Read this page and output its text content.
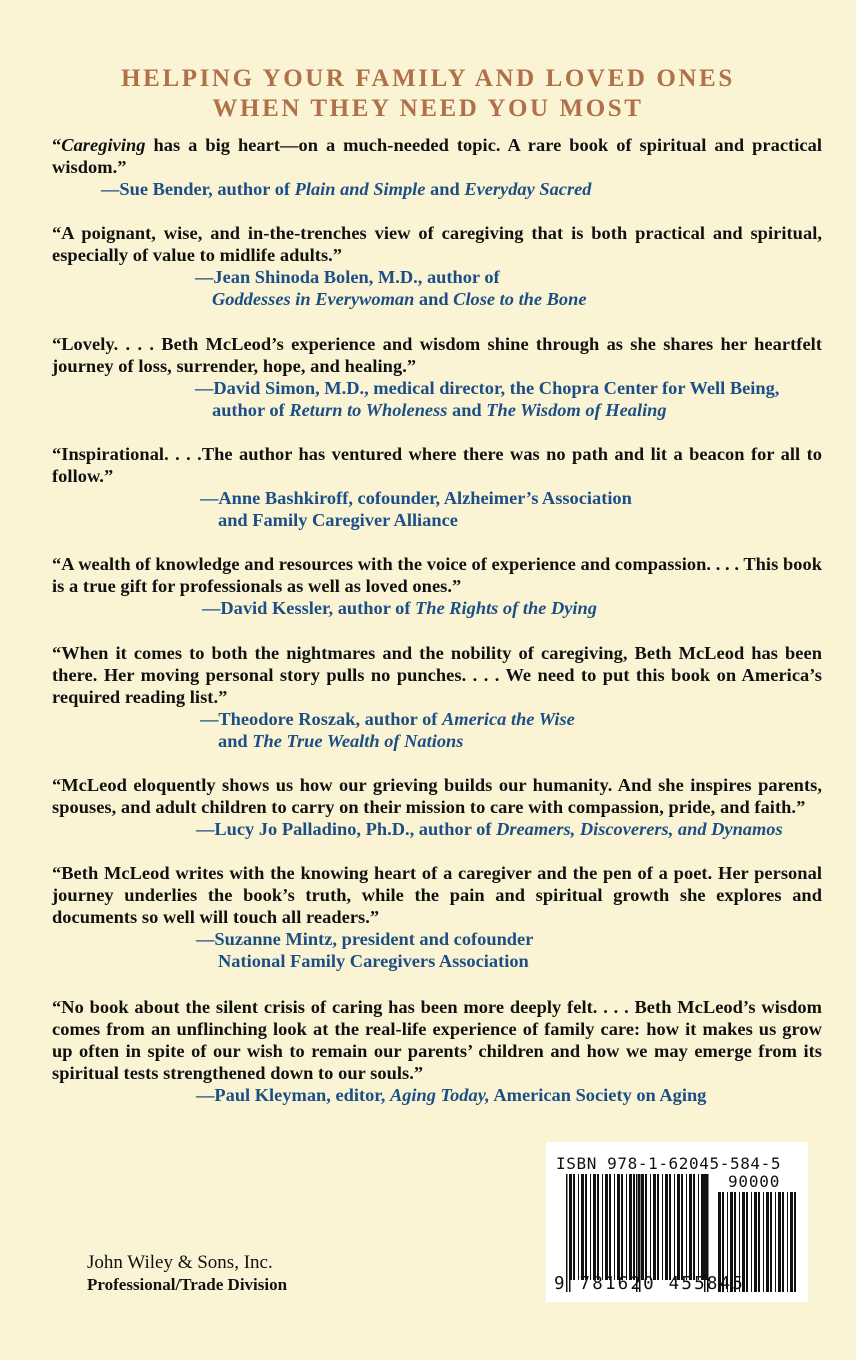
HELPING YOUR FAMILY AND LOVED ONES
WHEN THEY NEED YOU MOST
“Caregiving has a big heart—on a much-needed topic. A rare book of spiritual and practical wisdom.”
—Sue Bender, author of Plain and Simple and Everyday Sacred
“A poignant, wise, and in-the-trenches view of caregiving that is both practical and spiritual, especially of value to midlife adults.”
—Jean Shinoda Bolen, M.D., author of
Goddesses in Everywoman and Close to the Bone
“Lovely. . . . Beth McLeod’s experience and wisdom shine through as she shares her heartfelt journey of loss, surrender, hope, and healing.”
—David Simon, M.D., medical director, the Chopra Center for Well Being,
author of Return to Wholeness and The Wisdom of Healing
“Inspirational. . . .The author has ventured where there was no path and lit a beacon for all to follow.”
—Anne Bashkiroff, cofounder, Alzheimer’s Association
and Family Caregiver Alliance
“A wealth of knowledge and resources with the voice of experience and compassion. . . . This book is a true gift for professionals as well as loved ones.”
—David Kessler, author of The Rights of the Dying
“When it comes to both the nightmares and the nobility of caregiving, Beth McLeod has been there. Her moving personal story pulls no punches. . . . We need to put this book on America’s required reading list.”
—Theodore Roszak, author of America the Wise
and The True Wealth of Nations
“McLeod eloquently shows us how our grieving builds our humanity. And she inspires parents, spouses, and adult children to carry on their mission to care with compassion, pride, and faith.”
—Lucy Jo Palladino, Ph.D., author of Dreamers, Discoverers, and Dynamos
“Beth McLeod writes with the knowing heart of a caregiver and the pen of a poet. Her personal journey underlies the book’s truth, while the pain and spiritual growth she explores and documents so well will touch all readers.”
—Suzanne Mintz, president and cofounder
National Family Caregivers Association
“No book about the silent crisis of caring has been more deeply felt. . . . Beth McLeod’s wisdom comes from an unflinching look at the real-life experience of family care: how it makes us grow up often in spite of our wish to remain our parents’ children and how we may emerge from its spiritual tests strengthened down to our souls.”
—Paul Kleyman, editor, Aging Today, American Society on Aging
John Wiley & Sons, Inc.
Professional/Trade Division
ISBN 978-1-62045-584-5
90000
9 781620 455845
